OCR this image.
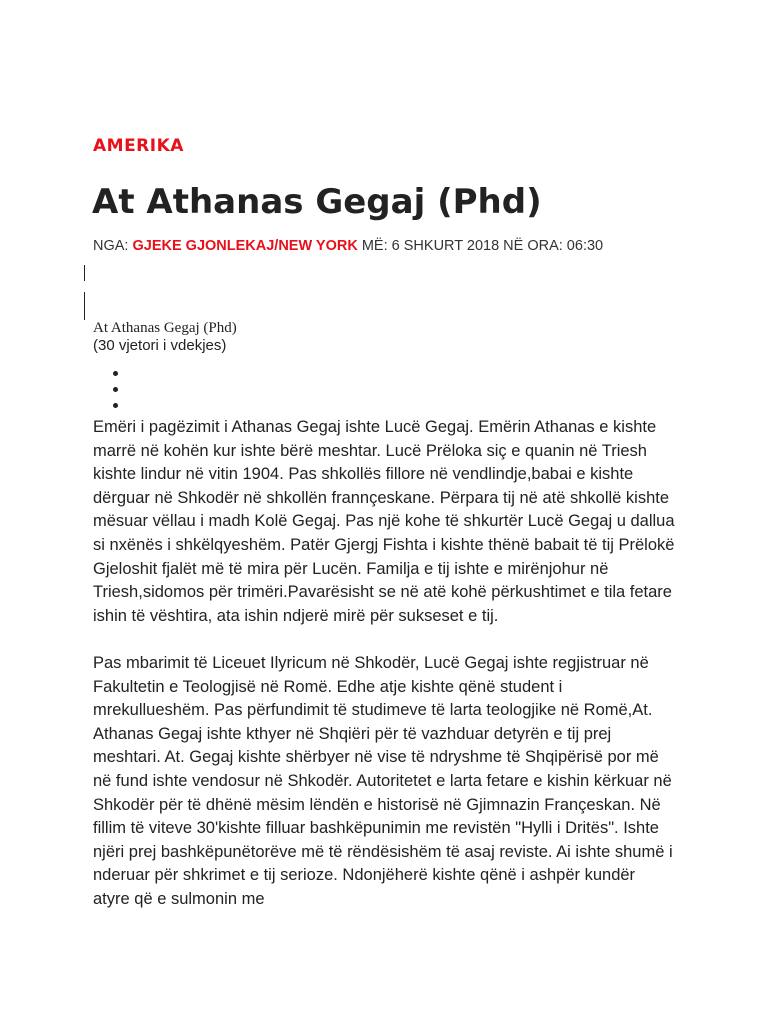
AMERIKA
At Athanas Gegaj (Phd)
NGA: GJEKE GJONLEKAJ/NEW YORK MË: 6 SHKURT 2018 NË ORA: 06:30
At Athanas Gegaj (Phd)
(30 vjetori i vdekjes)

Emëri i pagëzimit i Athanas Gegaj ishte Lucë Gegaj. Emërin Athanas e kishte marrë në kohën kur ishte bërë meshtar. Lucë Prëloka siç e quanin në Triesh kishte lindur në vitin 1904. Pas shkollës fillore në vendlindje,babai e kishte dërguar në Shkodër në shkollën frannçeskane. Përpara tij në atë shkollë kishte mësuar vëllau i madh Kolë Gegaj. Pas një kohe të shkurtër Lucë Gegaj u dallua si nxënës i shkëlqyeshëm. Patër Gjergj Fishta i kishte thënë babait të tij Prëlokë Gjeloshit fjalët më të mira për Lucën. Familja e tij ishte e mirënjohur në Triesh,sidomos për trimëri.Pavarësisht se në atë kohë përkushtimet e tila fetare ishin të vështira, ata ishin ndjerë mirë për sukseset e tij.

Pas mbarimit të Liceuet Ilyricum në Shkodër, Lucë Gegaj ishte regjistruar në Fakultetin e Teologjisë në Romë. Edhe atje kishte qënë student i mrekullueshëm. Pas përfundimit të studimeve të larta teologjike në Romë,At. Athanas Gegaj ishte kthyer në Shqiëri për të vazhduar detyrën e tij prej meshtari. At. Gegaj kishte shërbyer në vise të ndryshme të Shqipërisë por më në fund ishte vendosur në Shkodër. Autoritetet e larta fetare e kishin kërkuar në Shkodër për të dhënë mësim lëndën e historisë në Gjimnazin Françeskan. Në fillim të viteve 30'kishte filluar bashkëpunimin me revistën "Hylli i Dritës". Ishte njëri prej bashkëpunëtorëve më të rëndësishëm të asaj reviste. Ai ishte shumë i nderuar për shkrimet e tij serioze. Ndonjëherë kishte qënë i ashpër kundër atyre që e sulmonin me
